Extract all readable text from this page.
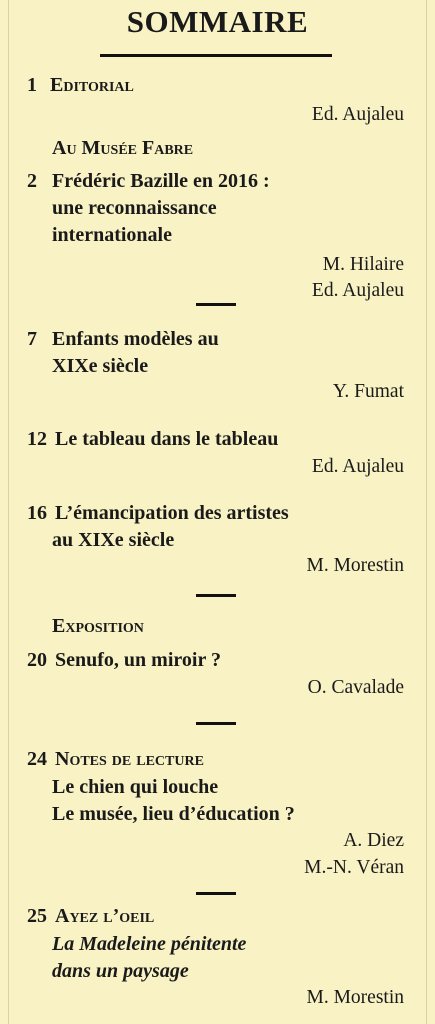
SOMMAIRE
1 Editorial
Ed. Aujaleu
Au Musée Fabre
2 Frédéric Bazille en 2016 :
une reconnaissance
internationale
M. Hilaire
Ed. Aujaleu
7 Enfants modèles au
XIXe siècle
Y. Fumat
12 Le tableau dans le tableau
Ed. Aujaleu
16 L’émancipation des artistes
au XIXe siècle
M. Morestin
Exposition
20 Senufo, un miroir ?
O. Cavalade
24 Notes de lecture
Le chien qui louche
Le musée, lieu d’éducation ?
A. Diez
M.-N. Véran
25 Ayez l’oeil
La Madeleine pénitente
dans un paysage
M. Morestin
